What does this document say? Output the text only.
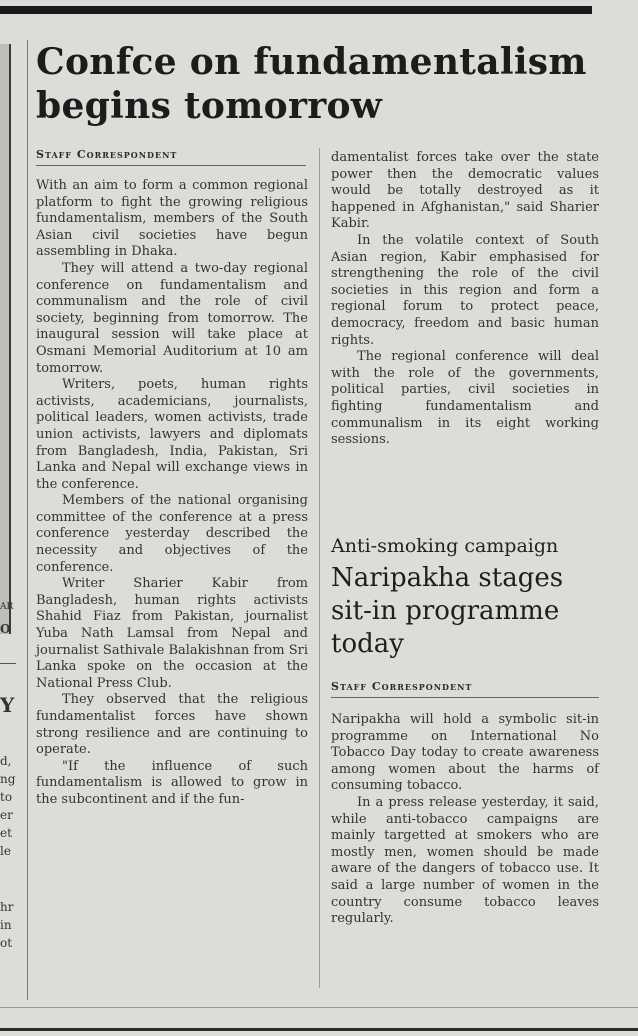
AR
O
Y
d,
ng
to
er
et
le
hr
in
ot
Confce on fundamentalism begins tomorrow
Staff Correspondent

With an aim to form a common regional platform to fight the growing religious fundamentalism, members of the South Asian civil societies have begun assembling in Dhaka.

They will attend a two-day regional conference on fundamentalism and communalism and the role of civil society, beginning from tomorrow. The inaugural session will take place at Osmani Memorial Auditorium at 10 am tomorrow.

Writers, poets, human rights activists, academicians, journalists, political leaders, women activists, trade union activists, lawyers and diplomats from Bangladesh, India, Pakistan, Sri Lanka and Nepal will exchange views in the conference.

Members of the national organising committee of the conference at a press conference yesterday described the necessity and objectives of the conference.

Writer Sharier Kabir from Bangladesh, human rights activists Shahid Fiaz from Pakistan, journalist Yuba Nath Lamsal from Nepal and journalist Sathivale Balakishnan from Sri Lanka spoke on the occasion at the National Press Club.

They observed that the religious fundamentalist forces have shown strong resilience and are continuing to operate.

"If the influence of such fundamentalism is allowed to grow in the subcontinent and if the fun-

damentalist forces take over the state power then the democratic values would be totally destroyed as it happened in Afghanistan," said Sharier Kabir.

In the volatile context of South Asian region, Kabir emphasised for strengthening the role of the civil societies in this region and form a regional forum to protect peace, democracy, freedom and basic human rights.

The regional conference will deal with the role of the governments, political parties, civil societies in fighting fundamentalism and communalism in its eight working sessions.

Anti-smoking campaign
Naripakha stages sit-in programme today
Staff Correspondent

Naripakha will hold a symbolic sit-in programme on International No Tobacco Day today to create awareness among women about the harms of consuming tobacco.

In a press release yesterday, it said, while anti-tobacco campaigns are mainly targetted at smokers who are mostly men, women should be made aware of the dangers of tobacco use. It said a large number of women in the country consume tobacco leaves regularly.
